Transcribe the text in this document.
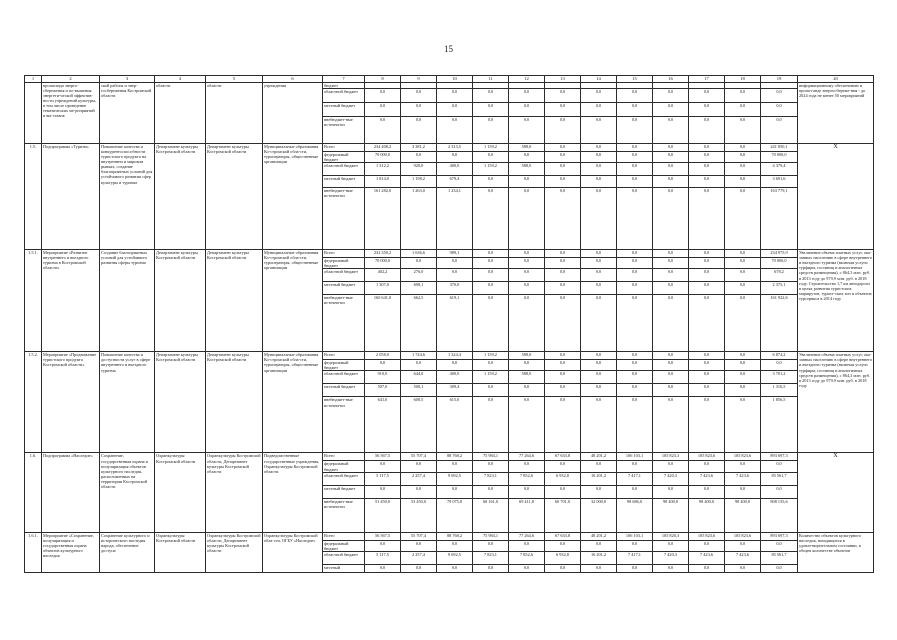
15
1	2	3	4	5	6	7	8	9	10	11	12	13	14	15	16	17	18	19	20
	пропаганда энерго-сбережения и по-вышения энергети-ческой эффектив-ности учреждений культуры, в том числе проведение тематических ме-роприятий и вы-ставок	ской работы и энер-госбережения Костромской области	области	области	учреждения	бюджет													информационному обеспечению и пропа-ганде энергосбереже-ния - до 2024 года не менее 50 мероприятий
						областной бюджет	0,0	0,0	0,0	0,0	0,0	0,0	0,0	0,0	0,0	0,0	0,0	0,0	
						местный бюджет	0,0	0,0	0,0	0,0	0,0	0,0	0,0	0,0	0,0	0,0	0,0	0,0	
						внебюджет-ные источни-ки	0,0	0,0	0,0	0,0	0,0	0,0	0,0	0,0	0,0	0,0	0,0	0,0	
1.5.	Подпрограмма «Туризм»	Повышение качества и конкурентоспособности туристского продукта на внутреннем и мировом рынках, создание благоприятных условий для устойчивого развития сфер культуры и туризма	Департамент культуры Костромской области	Департамент культуры Костромской области	Муниципальные образования Ко-стромской обла-сти, туроператоры, общественные организации	Всего	234 408,2	3 381,2	2 313,5	1 159,2	588,0	0,0	0,0	0,0	0,0	0,0	0,0	241 850,1	X
						федеральный бюджет	70 000,0	0,0	0,0	0,0	0,0	0,0	0,0	0,0	0,0	0,0	0,0	70 000,0	
						областной бюджет	1 312,2	920,0	400,0	1 159,2	588,0	0,0	0,0	0,0	0,0	0,0	0,0	4 379,4	
						местный бюджет	1 814,0	1 198,2	679,4	0,0	0,0	0,0	0,0	0,0	0,0	0,0	0,0	3 691,6	
						внебюджет-ные источни-ки	161 282,0	1 263,0	1 234,1	0,0	0,0	0,0	0,0	0,0	0,0	0,0	0,0	163 779,1	
1.5.1.	Мероприятие «Развитие внутреннего и въездного туризма в Костромской области»	Создание благоприятных условий для устойчивого развития сферы туризма	Департамент культуры Костромской области	Департамент культуры Костромской области	Муниципальные образования Ко-стромской обла-сти, туроператоры, общественные организации	Всего	232 350,2	1 636,6	989,1	0,0	0,0	0,0	0,0	0,0	0,0	0,0	0,0	234 975,9	Увеличение объема платных услуг, ока-занных населению в сфере внутреннего и въездного туризма (включая услуги турфирм, гостиниц и аналогичных средств размещения), с 864,3 млн. руб. в 2013 году до 979,9 млн. руб. в 2018 году. Строительство 1,7 км автодороги в целях развития туристских маршрутов, турист-ских зон и объектов турсервиса в 2014 году
						федеральный бюджет	70 000,0	0,0	0,0	0,0	0,0	0,0	0,0	0,0	0,0	0,0	0,0	70 000,0	
						областной бюджет	402,2	276,0	0,0	0,0	0,0	0,0	0,0	0,0	0,0	0,0	0,0	678,2	
						местный бюджет	1 307,0	698,1	370,0	0,0	0,0	0,0	0,0	0,0	0,0	0,0	0,0	2 375,1	
						внебюджет-ные источни-ки	160 641,0	662,5	619,1	0,0	0,0	0,0	0,0	0,0	0,0	0,0	0,0	161 922,6	
1.5.2.	Мероприятие «Продвижение туристского продукта Костромской области»	Повышение качества и доступности услуг в сфере внутреннего и въездного туризма	Департамент культуры Костромской области	Департамент культуры Костромской области	Муниципальные образования Ко-стромской обла-сти, туроператоры, общественные организации	Всего	2 058,0	1 744,6	1 324,4	1 159,2	588,0	0,0	0,0	0,0	0,0	0,0	0,0	6 874,2	Увеличение объема платных услуг, ока-занных населению в сфере внутреннего и въездного туризма (включая услуги турфирм, гостиниц и аналогичных средств размещения), с 864,3 млн. руб. в 2013 году до 979,9 млн. руб. в 2018 году
						федеральный бюджет	0,0	0,0	0,0	0,0	0,0	0,0	0,0	0,0	0,0	0,0	0,0	0,0	
						областной бюджет	910,0	644,0	400,0	1 159,2	588,0	0,0	0,0	0,0	0,0	0,0	0,0	3 701,2	
						местный бюджет	507,0	500,1	309,4	0,0	0,0	0,0	0,0	0,0	0,0	0,0	0,0	1 316,5	
						внебюджет-ные источни-ки	641,0	600,5	615,0	0,0	0,0	0,0	0,0	0,0	0,0	0,0	0,0	1 856,5	
1.6.	Подпрограмма «Наследие»	Сохранение, государственная охрана и популяризация объектов культурного наследия, расположенных на территории Костромской области	Охранкультуры Костромской области	Охранкультуры Костромской области, Департамент культуры Костромской области	Подведомственные государственные учреждения, Охранкультуры Костромской области	Всего	56 567,5	55 707,4	88 768,2	75 984,1	77 264,6	67 633,8	48 201,2	106 103,1	105 823,3	105 823,6	105 823,6	893 697,3	X
						федеральный бюджет	0,0	0,0	0,0	0,0	0,0	0,0	0,0	0,0	0,0	0,0	0,0	0,0	
						областной бюджет	5 117,5	2 257,4	9 692,5	7 823,1	7 852,6	6 932,8	16 201,2	7 417,1	7 420,3	7 423,6	7 423,6	85 561,7	
						местный бюджет	0,0	0,0	0,0	0,0	0,0	0,0	0,0	0,0	0,0	0,0	0,0	0,0	
						внебюджет-ные источни-ки	51 450,0	53 450,0	79 075,8	68 161,0	69 411,8	60 701,0	32 000,0	98 686,0	98 400,0	98 400,0	98 400,0	808 135,6	
1.6.1.	Мероприятие «Сохранение, популяризация и государственная охрана объектов культурного наследия	Сохранение культурного и исторического наследия народа, обеспечение доступа	Охранкультуры Костромской области	Охранкультуры Костромской области, Департамент культуры Костромской области	Охранкультуры Костромской обла-сти, ОГБУ «Наследие»	Всего	56 567,5	55 707,4	88 768,2	75 984,1	77 264,6	67 633,8	48 201,2	106 103,1	105 820,3	105 823,6	105 823,6	893 697,3	Количество объектов культурного наследия, находящихся в удовлетворительном состоянии, в общем количестве объектов
						федеральный бюджет	0,0	0,0	0,0	0,0	0,0	0,0	0,0	0,0	0,0	0,0	0,0	0,0	
						областной бюджет	5 117,5	2 257,4	9 692,5	7 823,1	7 852,6	6 932,8	16 201,2	7 417,1	7 420,3	7 423,6	7 423,6	85 561,7	
						местный	0,0	0,0	0,0	0,0	0,0	0,0	0,0	0,0	0,0	0,0	0,0	0,0	
